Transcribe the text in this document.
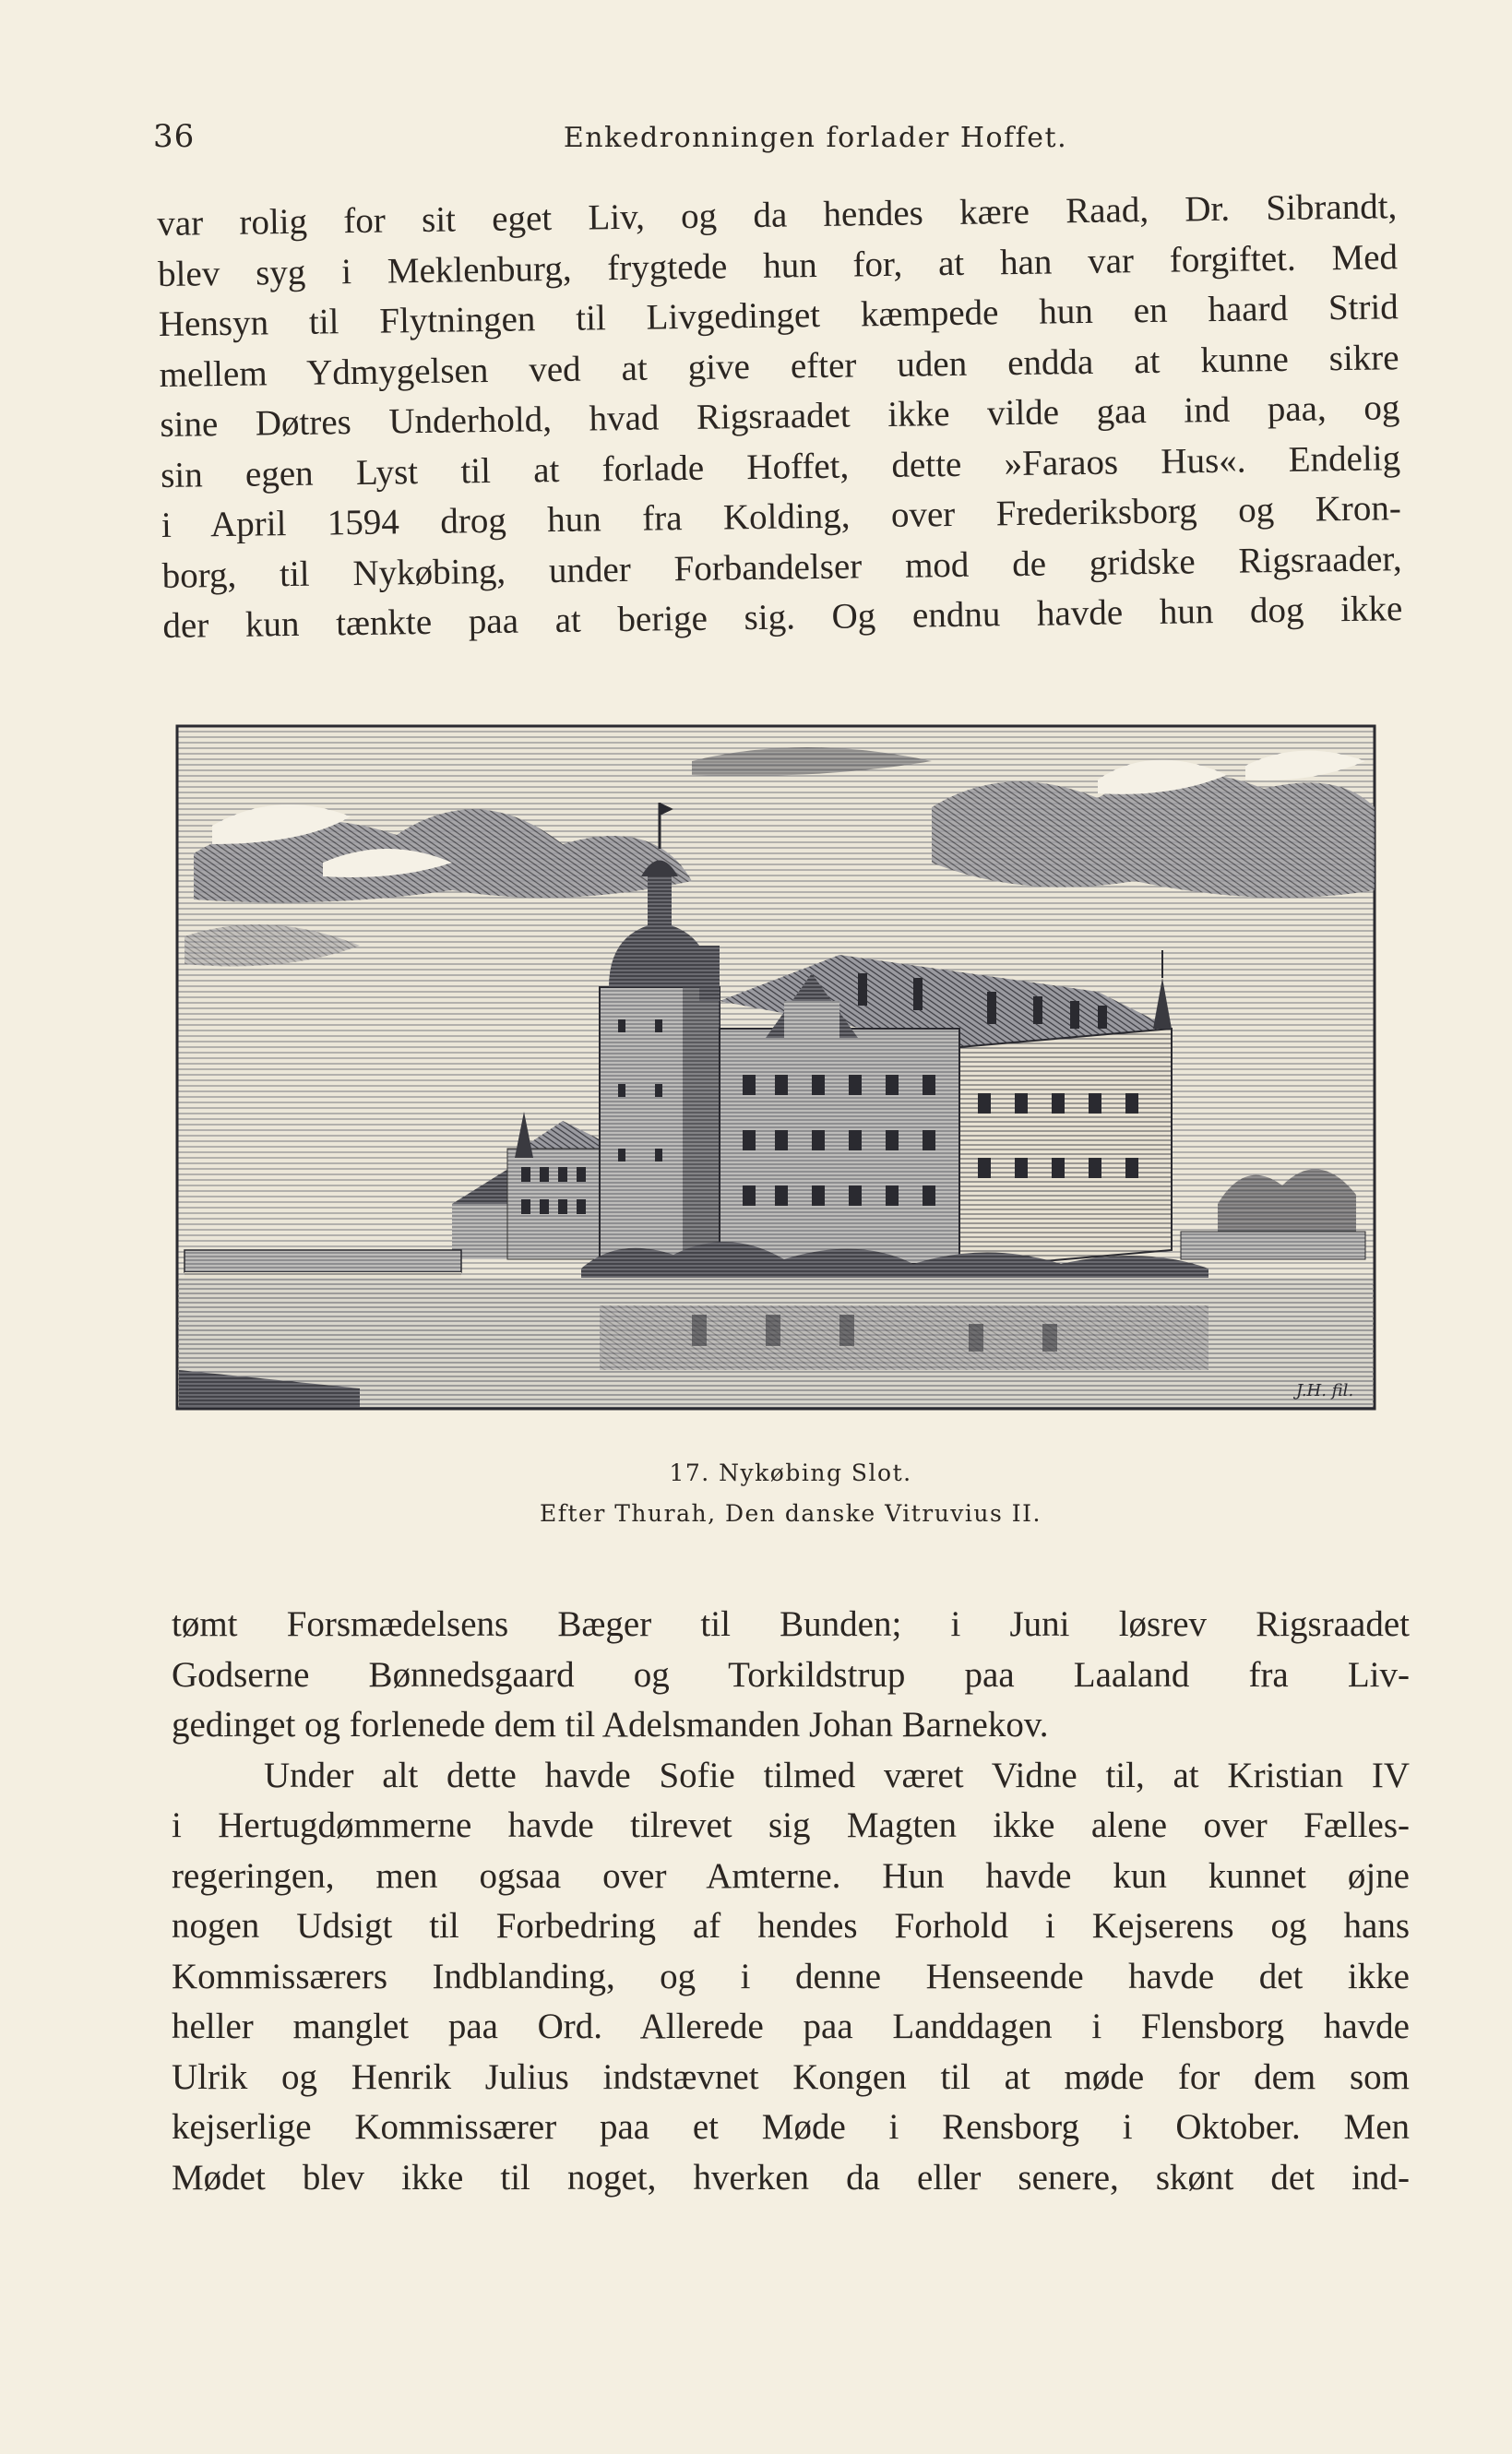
36	Enkedronningen forlader Hoffet.

var rolig for sit eget Liv, og da hendes kære Raad, Dr. Sibrandt,
blev syg i Meklenburg, frygtede hun for, at han var forgiftet. Med
Hensyn til Flytningen til Livgedinget kæmpede hun en haard Strid
mellem Ydmygelsen ved at give efter uden endda at kunne sikre
sine Døtres Underhold, hvad Rigsraadet ikke vilde gaa ind paa, og
sin egen Lyst til at forlade Hoffet, dette »Faraos Hus«. Endelig
i April 1594 drog hun fra Kolding, over Frederiksborg og Kron-
borg, til Nykøbing, under Forbandelser mod de gridske Rigsraader,
der kun tænkte paa at berige sig. Og endnu havde hun dog ikke

J.H. fil.
17. Nykøbing Slot.
Efter Thurah, Den danske Vitruvius II.

tømt Forsmædelsens Bæger til Bunden; i Juni løsrev Rigsraadet
Godserne Bønnedsgaard og Torkildstrup paa Laaland fra Liv-
gedinget og forlenede dem til Adelsmanden Johan Barnekov.
Under alt dette havde Sofie tilmed været Vidne til, at Kristian IV
i Hertugdømmerne havde tilrevet sig Magten ikke alene over Fælles-
regeringen, men ogsaa over Amterne. Hun havde kun kunnet øjne
nogen Udsigt til Forbedring af hendes Forhold i Kejserens og hans
Kommissærers Indblanding, og i denne Henseende havde det ikke
heller manglet paa Ord. Allerede paa Landdagen i Flensborg havde
Ulrik og Henrik Julius indstævnet Kongen til at møde for dem som
kejserlige Kommissærer paa et Møde i Rensborg i Oktober. Men
Mødet blev ikke til noget, hverken da eller senere, skønt det ind-
